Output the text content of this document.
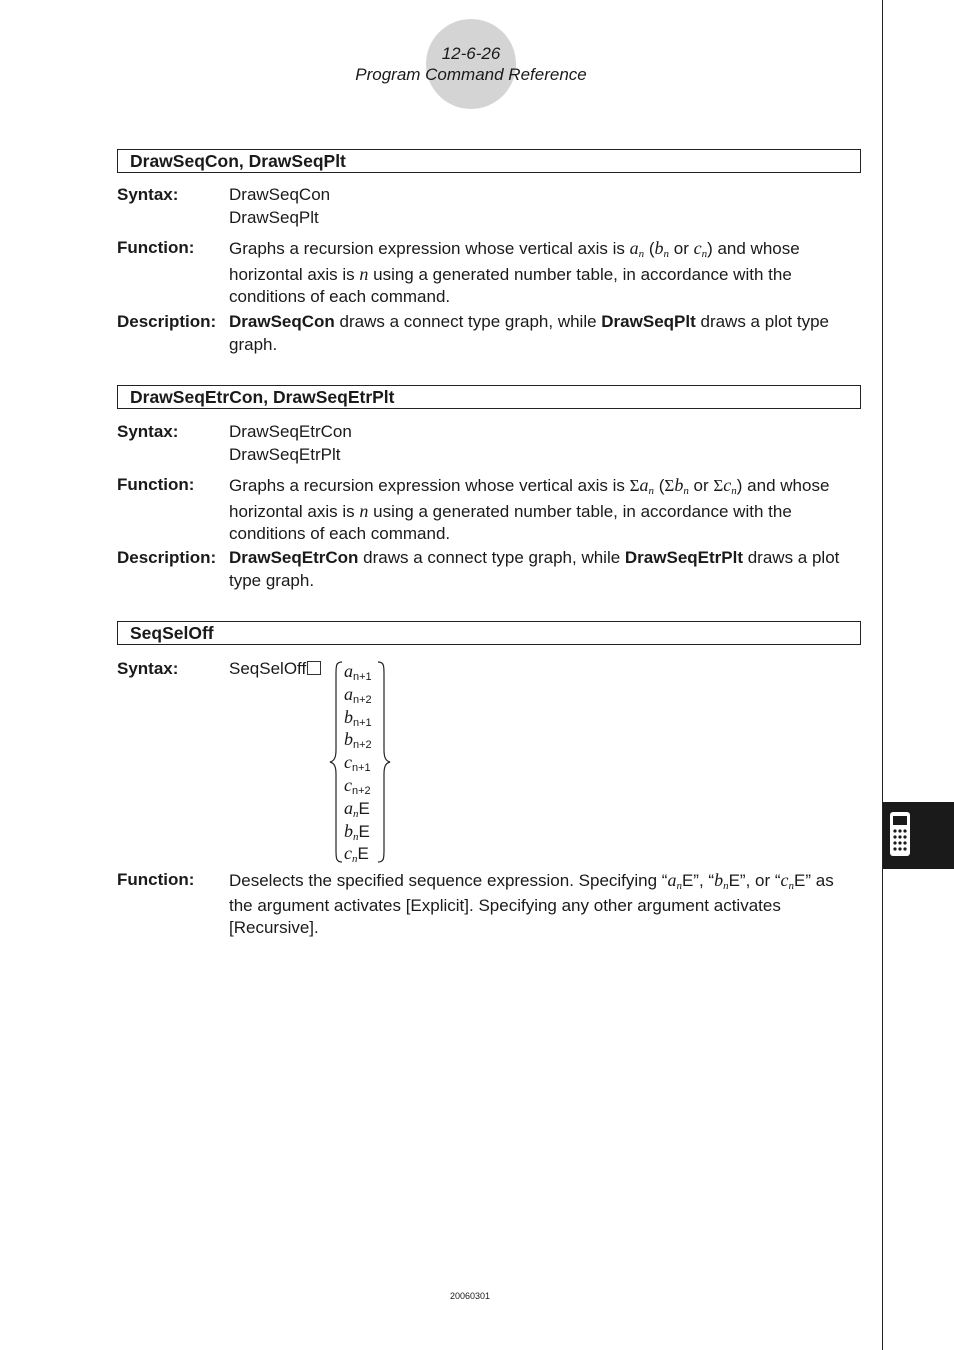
12-6-26
Program Command Reference
DrawSeqCon, DrawSeqPlt
Syntax:	DrawSeqCon
DrawSeqPlt
Function: Graphs a recursion expression whose vertical axis is an (bn or cn) and whose horizontal axis is n using a generated number table, in accordance with the conditions of each command.
Description: DrawSeqCon draws a connect type graph, while DrawSeqPlt draws a plot type graph.
DrawSeqEtrCon, DrawSeqEtrPlt
Syntax:	DrawSeqEtrCon
DrawSeqEtrPlt
Function: Graphs a recursion expression whose vertical axis is Σan (Σbn or Σcn) and whose horizontal axis is n using a generated number table, in accordance with the conditions of each command.
Description: DrawSeqEtrCon draws a connect type graph, while DrawSeqEtrPlt draws a plot type graph.
SeqSelOff
Syntax:	SeqSelOff	an+1
an+2
bn+1
bn+2
cn+1
cn+2
anE
bnE
cnE
Function: Deselects the specified sequence expression. Specifying “anE”, “bnE”, or “cnE” as the argument activates [Explicit]. Specifying any other argument activates [Recursive].
20060301
